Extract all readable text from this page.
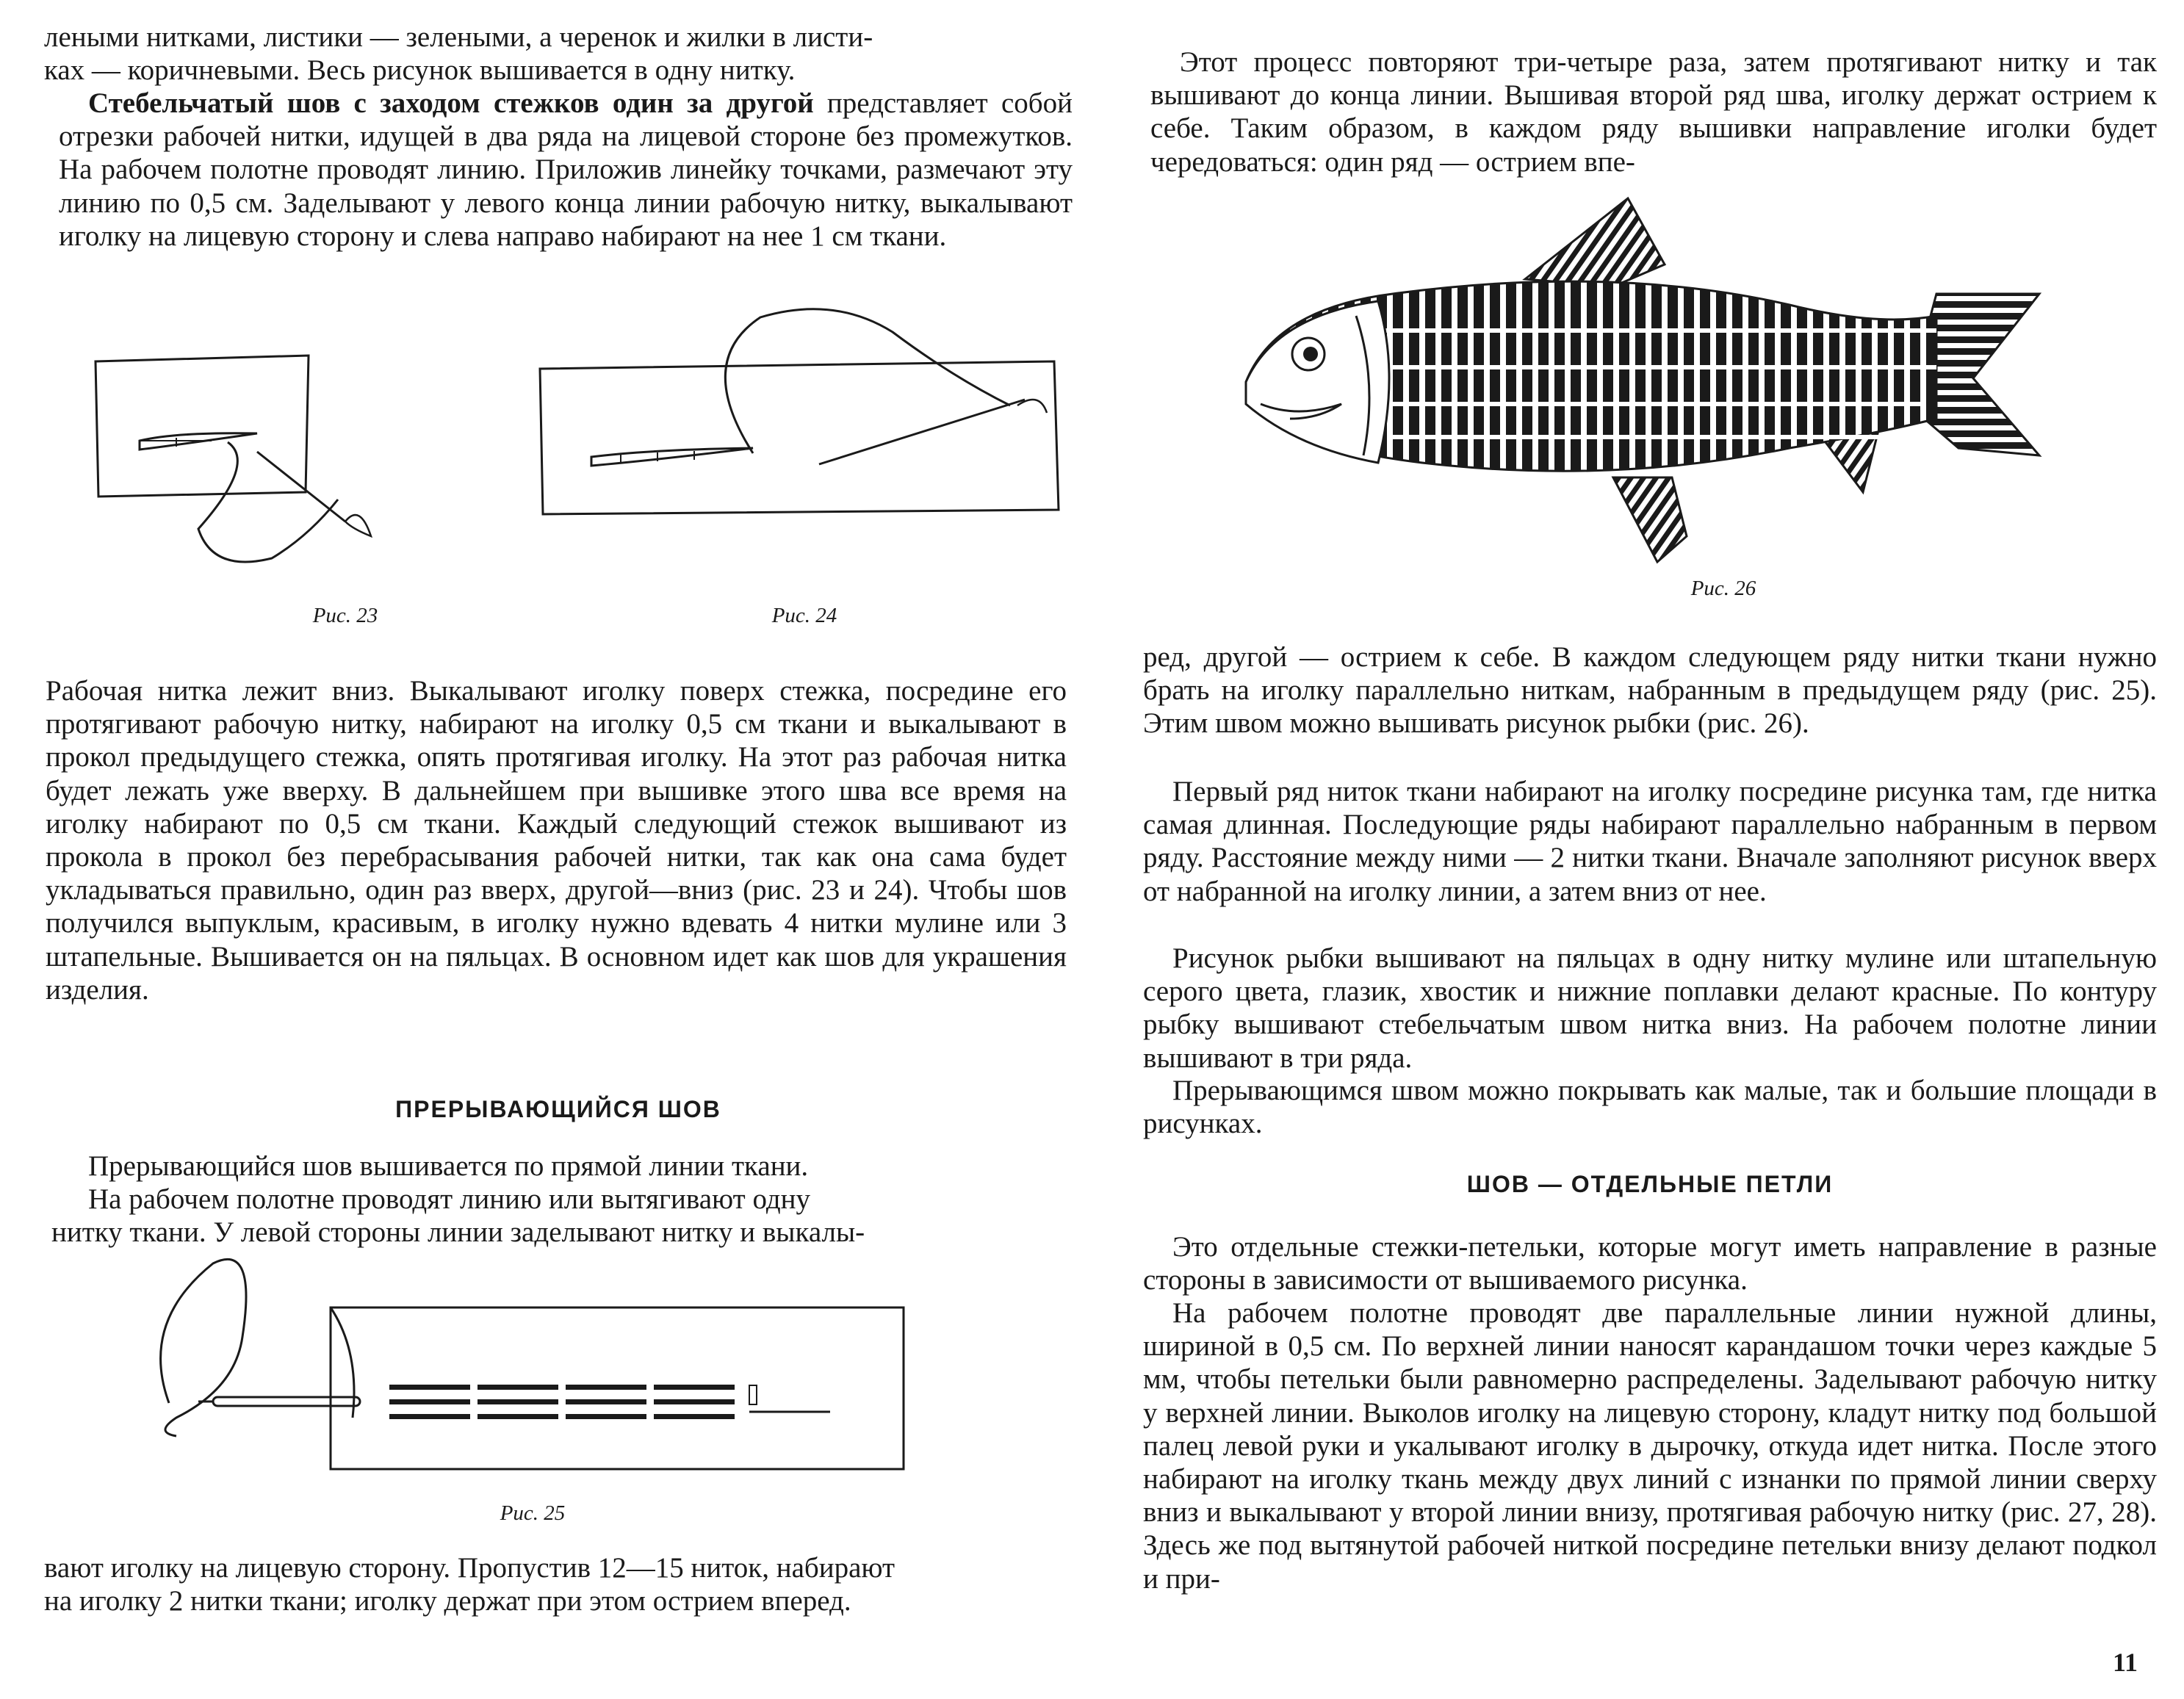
леными нитками, листики — зелеными, а черенок и жилки в листи-
ках — коричневыми. Весь рисунок вышивается в одну нитку.

Стебельчатый шов с заходом стежков один за другой представляет собой отрезки рабочей нитки, идущей в два ряда на лицевой стороне без промежутков. На рабочем полотне проводят линию. Приложив линейку точками, размечают эту линию по 0,5 см. Заделывают у левого конца линии рабочую нитку, выкалывают иголку на лицевую сторону и слева направо набирают на нее 1 см ткани.

Рис. 23	Рис. 24

Рабочая нитка лежит вниз. Выкалывают иголку поверх стежка, посредине его протягивают рабочую нитку, набирают на иголку 0,5 см ткани и выкалывают в прокол предыдущего стежка, опять протягивая иголку. На этот раз рабочая нитка будет лежать уже вверху. В дальнейшем при вышивке этого шва все время на иголку набирают по 0,5 см ткани. Каждый следующий стежок вышивают из прокола в прокол без перебрасывания рабочей нитки, так как она сама будет укладываться правильно, один раз вверх, другой—вниз (рис. 23 и 24). Чтобы шов получился выпуклым, красивым, в иголку нужно вдевать 4 нитки мулине или 3 штапельные. Вышивается он на пяльцах. В основном идет как шов для украшения изделия.

ПРЕРЫВАЮЩИЙСЯ ШОВ
Прерывающийся шов вышивается по прямой линии ткани.
На рабочем полотне проводят линию или вытягивают одну
нитку ткани. У левой стороны линии заделывают нитку и выкалы-
Рис. 25
вают иголку на лицевую сторону. Пропустив 12—15 ниток, набирают
на иголку 2 нитки ткани; иголку держат при этом острием вперед.

Этот процесс повторяют три-четыре раза, затем протягивают нитку и так вышивают до конца линии. Вышивая второй ряд шва, иголку держат острием к себе. Таким образом, в каждом ряду вышивки направление иголки будет чередоваться: один ряд — острием впе-

Рис. 26

ред, другой — острием к себе. В каждом следующем ряду нитки ткани нужно брать на иголку параллельно ниткам, набранным в предыдущем ряду (рис. 25). Этим швом можно вышивать рисунок рыбки (рис. 26).

Первый ряд ниток ткани набирают на иголку посредине рисунка там, где нитка самая длинная. Последующие ряды набирают параллельно набранным в первом ряду. Расстояние между ними — 2 нитки ткани. Вначале заполняют рисунок вверх от набранной на иголку линии, а затем вниз от нее.

Рисунок рыбки вышивают на пяльцах в одну нитку мулине или штапельную серого цвета, глазик, хвостик и нижние поплавки делают красные. По контуру рыбку вышивают стебельчатым швом нитка вниз. На рабочем полотне линии вышивают в три ряда.

Прерывающимся швом можно покрывать как малые, так и большие площади в рисунках.

ШОВ — ОТДЕЛЬНЫЕ ПЕТЛИ

Это отдельные стежки-петельки, которые могут иметь направление в разные стороны в зависимости от вышиваемого рисунка.

На рабочем полотне проводят две параллельные линии нужной длины, шириной в 0,5 см. По верхней линии наносят карандашом точки через каждые 5 мм, чтобы петельки были равномерно распределены. Заделывают рабочую нитку у верхней линии. Выколов иголку на лицевую сторону, кладут нитку под большой палец левой руки и укалывают иголку в дырочку, откуда идет нитка. После этого набирают на иголку ткань между двух линий с изнанки по прямой линии сверху вниз и выкалывают у второй линии внизу, протягивая рабочую нитку (рис. 27, 28). Здесь же под вытянутой рабочей ниткой посредине петельки внизу делают подкол и при-

11
